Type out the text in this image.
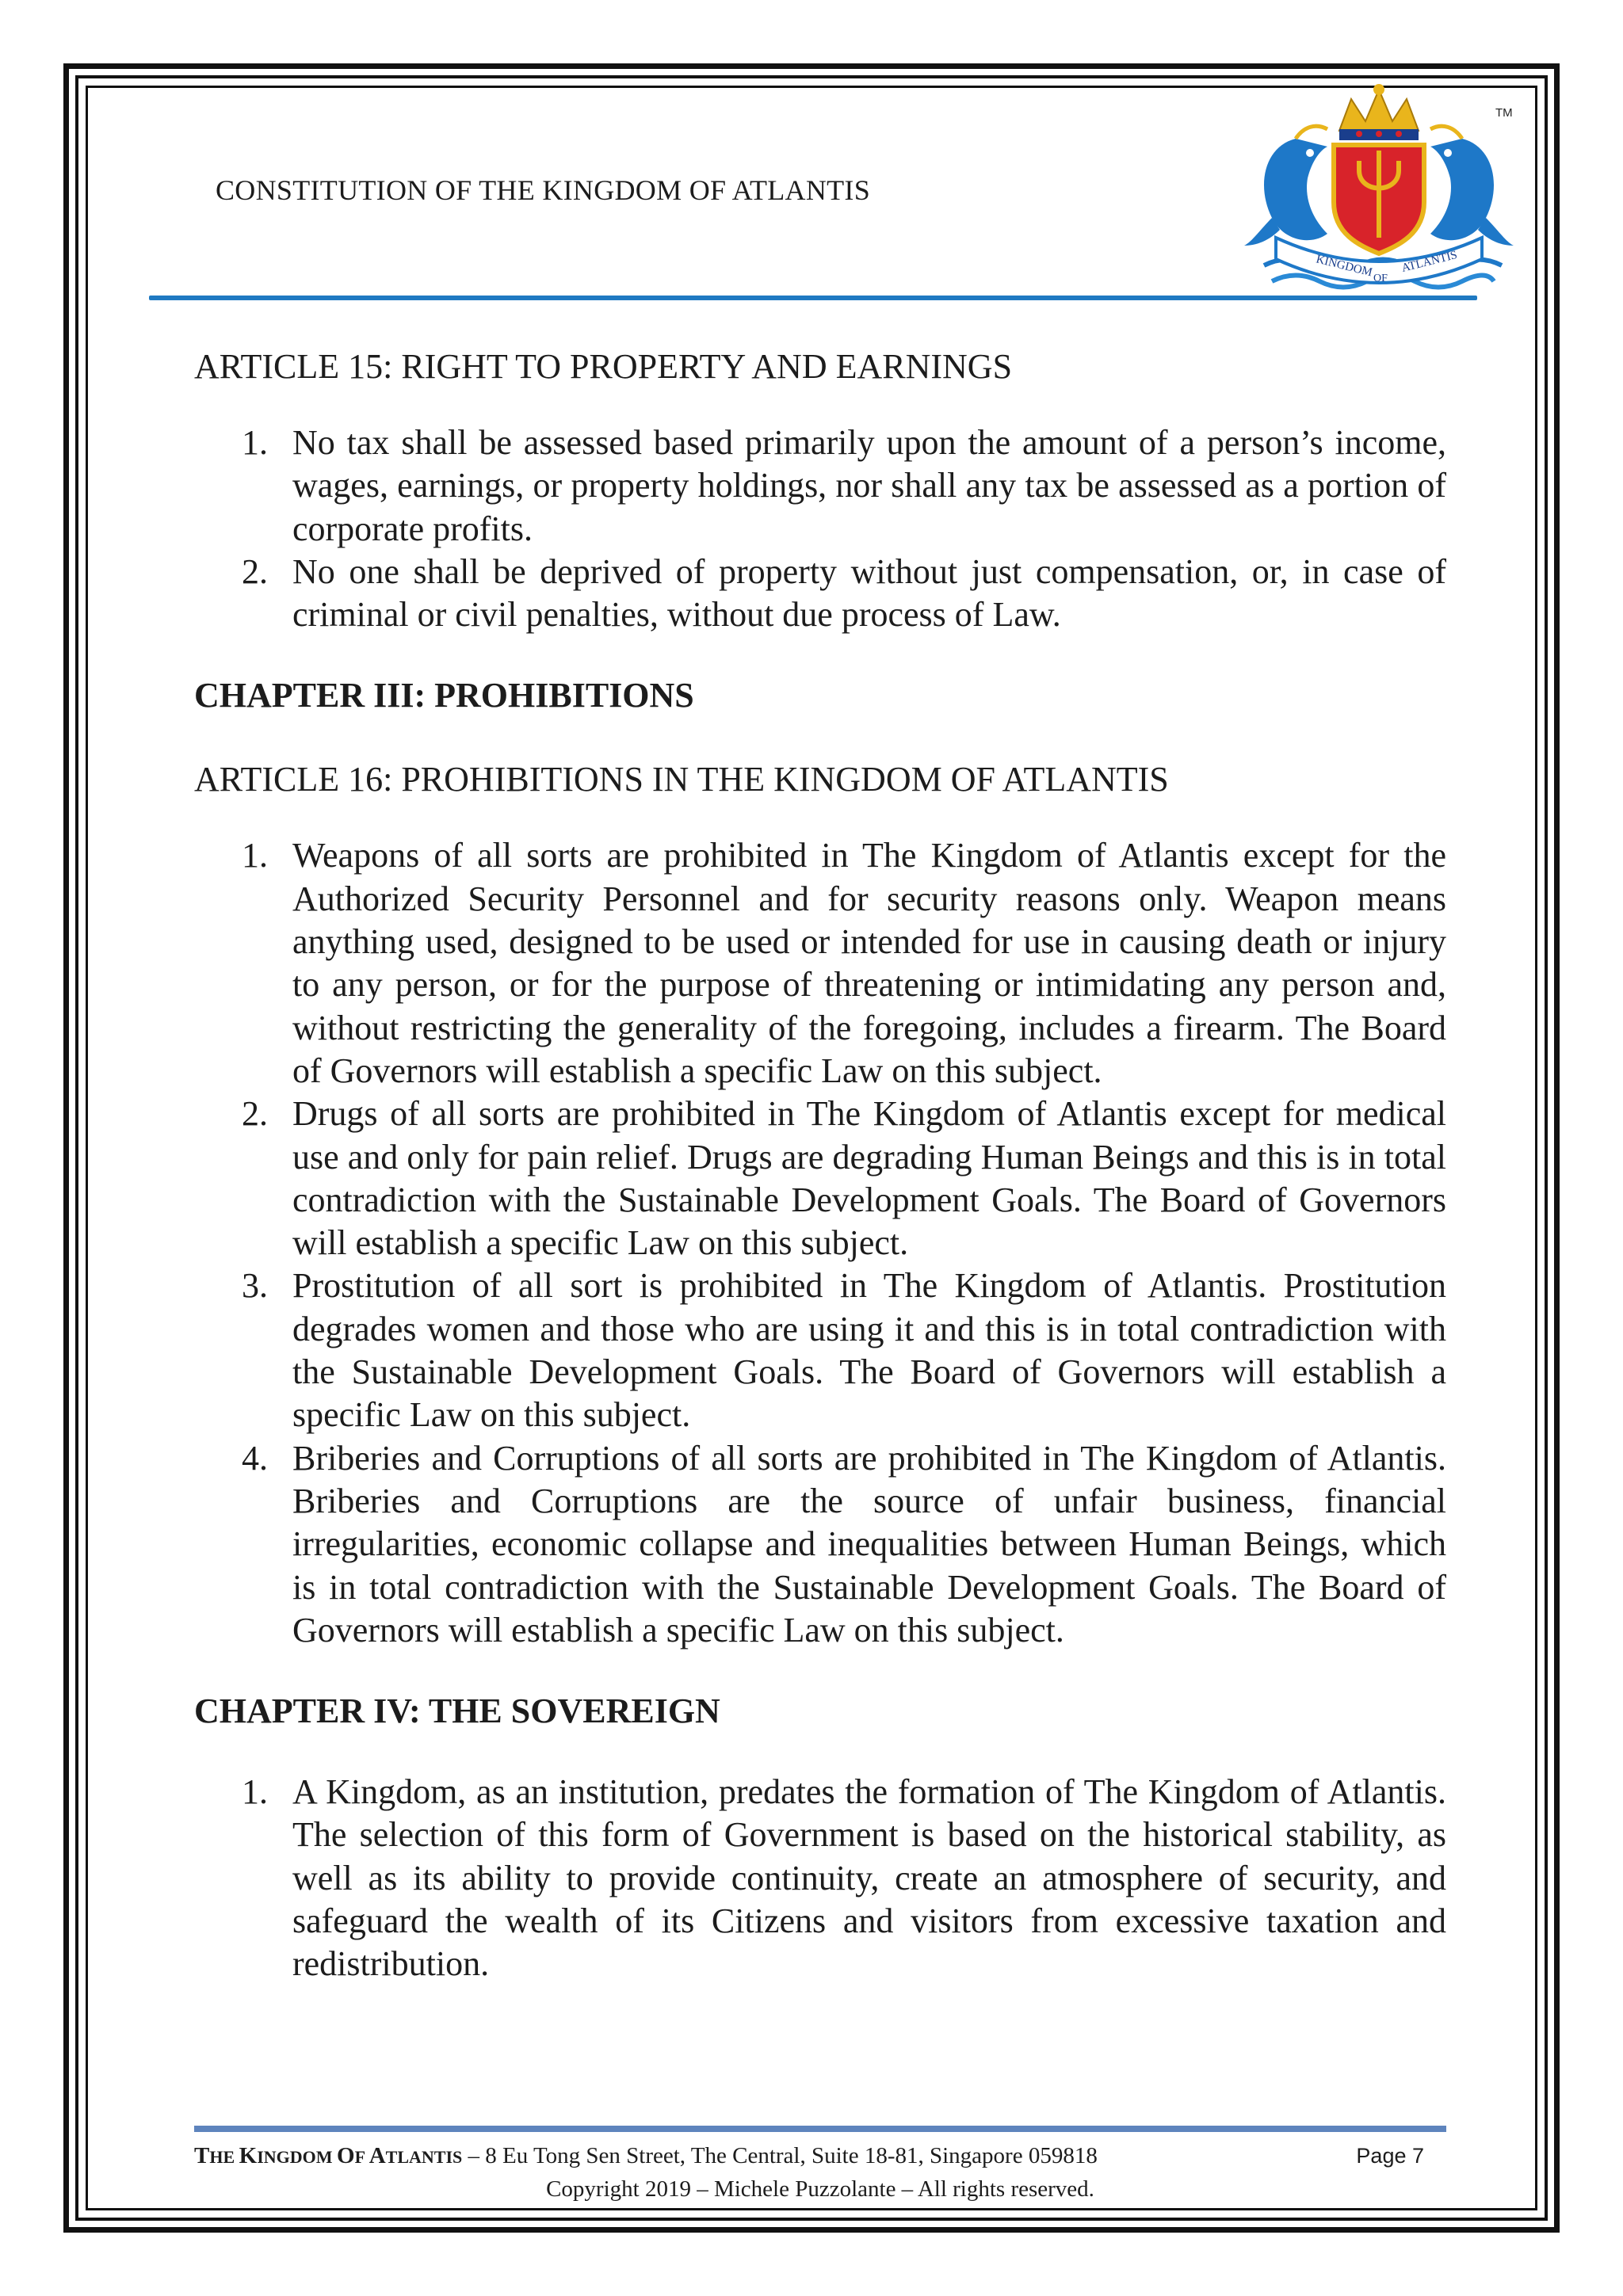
CONSTITUTION OF THE KINGDOM OF ATLANTIS
KINGDOM OF
ATLANTIS
TM
ARTICLE 15: RIGHT TO PROPERTY AND EARNINGS
1. No tax shall be assessed based primarily upon the amount of a person’s income, wages, earnings, or property holdings, nor shall any tax be assessed as a portion of corporate profits.
2. No one shall be deprived of property without just compensation, or, in case of criminal or civil penalties, without due process of Law.
CHAPTER III: PROHIBITIONS
ARTICLE 16: PROHIBITIONS IN THE KINGDOM OF ATLANTIS
1. Weapons of all sorts are prohibited in The Kingdom of Atlantis except for the Authorized Security Personnel and for security reasons only. Weapon means anything used, designed to be used or intended for use in causing death or injury to any person, or for the purpose of threatening or intimidating any person and, without restricting the generality of the foregoing, includes a firearm. The Board of Governors will establish a specific Law on this subject.
2. Drugs of all sorts are prohibited in The Kingdom of Atlantis except for medical use and only for pain relief. Drugs are degrading Human Beings and this is in total contradiction with the Sustainable Development Goals. The Board of Governors will establish a specific Law on this subject.
3. Prostitution of all sort is prohibited in The Kingdom of Atlantis. Prostitution degrades women and those who are using it and this is in total contradiction with the Sustainable Development Goals. The Board of Governors will establish a specific Law on this subject.
4. Briberies and Corruptions of all sorts are prohibited in The Kingdom of Atlantis. Briberies and Corruptions are the source of unfair business, financial irregularities, economic collapse and inequalities between Human Beings, which is in total contradiction with the Sustainable Development Goals. The Board of Governors will establish a specific Law on this subject.
CHAPTER IV: THE SOVEREIGN
1. A Kingdom, as an institution, predates the formation of The Kingdom of Atlantis. The selection of this form of Government is based on the historical stability, as well as its ability to provide continuity, create an atmosphere of security, and safeguard the wealth of its Citizens and visitors from excessive taxation and redistribution.
THE KINGDOM OF ATLANTIS – 8 Eu Tong Sen Street, The Central, Suite 18-81, Singapore 059818	Page 7
Copyright 2019 – Michele Puzzolante – All rights reserved.
